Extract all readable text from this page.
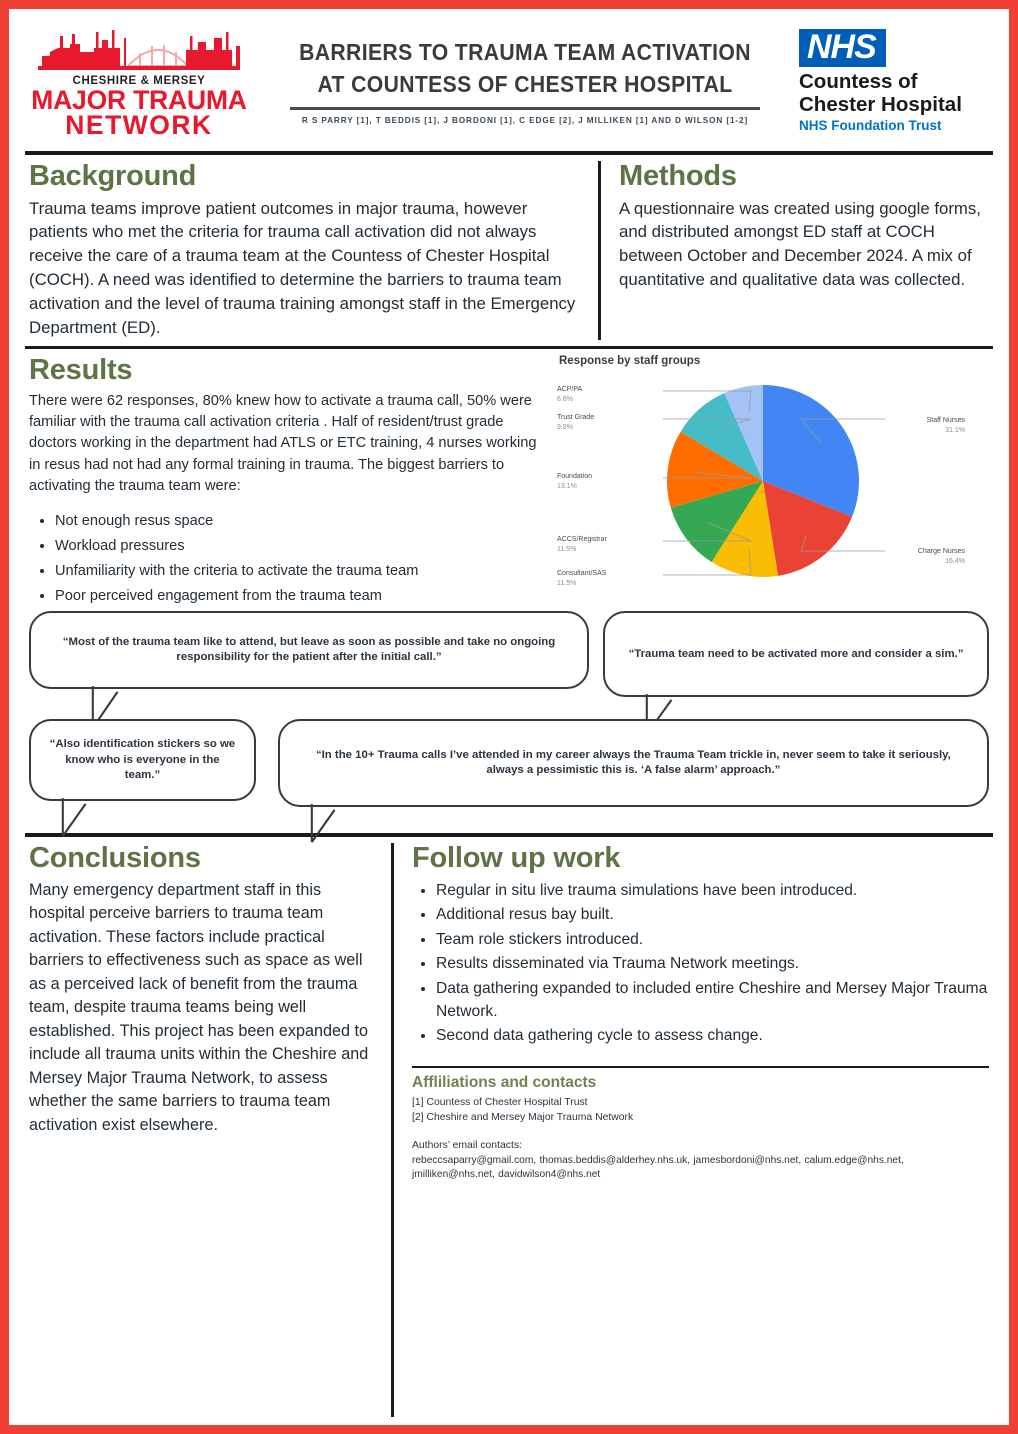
CHESHIRE & MERSEY
MAJOR TRAUMA
NETWORK
BARRIERS TO TRAUMA TEAM ACTIVATION AT COUNTESS OF CHESTER HOSPITAL
R S PARRY [1], T BEDDIS [1], J BORDONI [1], C EDGE [2], J MILLIKEN [1] AND D WILSON [1-2]
NHS
Countess of
Chester Hospital
NHS Foundation Trust
Background

Trauma teams improve patient outcomes in major trauma, however patients who met the criteria for trauma call activation did not always receive the care of a trauma team at the Countess of Chester Hospital (COCH). A need was identified to determine the barriers to trauma team activation and the level of trauma training amongst staff in the Emergency Department (ED).

Methods

A questionnaire was created using google forms, and distributed amongst ED staff at COCH between October and December 2024. A mix of quantitative and qualitative data was collected.

Results

There were 62 responses, 80% knew how to activate a trauma call, 50% were familiar with the trauma call activation criteria . Half of resident/trust grade doctors working in the department had ATLS or ETC training, 4 nurses working in resus had not had any formal training in trauma. The biggest barriers to activating the trauma team were:

• Not enough resus space
• Workload pressures
• Unfamiliarity with the criteria to activate the trauma team
• Poor perceived engagement from the trauma team
Response by staff groups
Staff Nurses
31.1%
Charge Nurses
16.4%
Consultant/SAS
11.5%
ACCS/Registrar
11.5%
Foundation
13.1%
Trust Grade
9.8%
ACP/PA
6.6%
“Most of the trauma team like to attend, but leave as soon as possible and take no ongoing responsibility for the patient after the initial call.”	“Trauma team need to be activated more and consider a sim.”
“Also identification stickers so we know who is everyone in the team.”
“In the 10+ Trauma calls I’ve attended in my career always the Trauma Team trickle in, never seem to take it seriously, always a pessimistic this is. ‘A false alarm’ approach.”
Conclusions

Many emergency department staff in this hospital perceive barriers to trauma team activation. These factors include practical barriers to effectiveness such as space as well as a perceived lack of benefit from the trauma team, despite trauma teams being well established. This project has been expanded to include all trauma units within the Cheshire and Mersey Major Trauma Network, to assess whether the same barriers to trauma team activation exist elsewhere.

Follow up work
• Regular in situ live trauma simulations have been introduced.
• Additional resus bay built.
• Team role stickers introduced.
• Results disseminated via Trauma Network meetings.
• Data gathering expanded to included entire Cheshire and Mersey Major Trauma Network.
• Second data gathering cycle to assess change.
Affliliations and contacts

[1] Countess of Chester Hospital Trust

[2] Cheshire and Mersey Major Trauma Network

Authors’ email contacts:

rebeccsaparry@gmail.com, thomas.beddis@alderhey.nhs.uk, jamesbordoni@nhs.net, calum.edge@nhs.net,

jmilliken@nhs.net, davidwilson4@nhs.net
